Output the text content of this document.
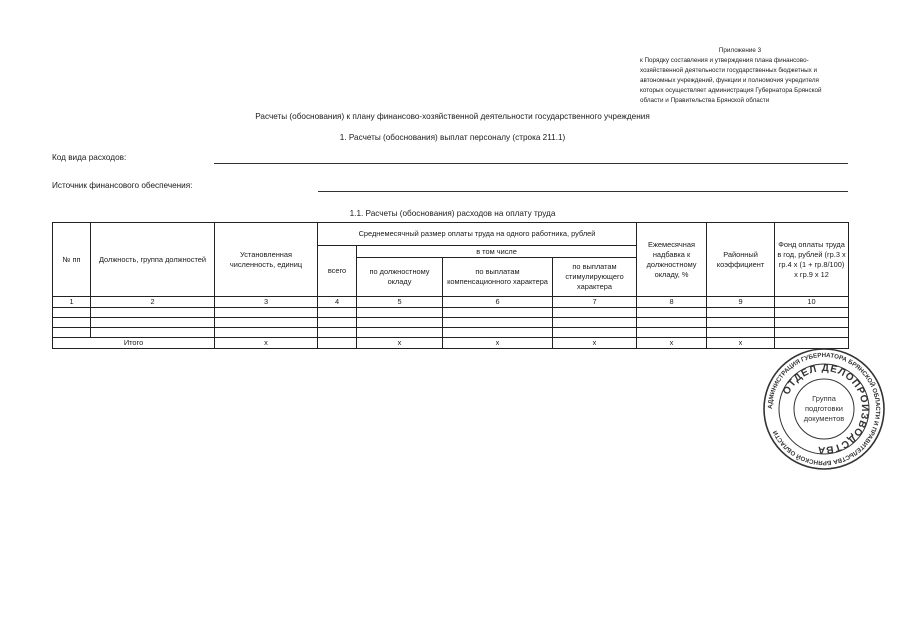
Приложение 3
к Порядку составления и утверждения плана финансово-
хозяйственной деятельности государственных бюджетных и
автономных учреждений, функции и полномочия учредителя
которых осуществляет администрация Губернатора Брянской
области и Правительства Брянской области
Расчеты (обоснования) к плану финансово-хозяйственной деятельности государственного учреждения
1. Расчеты (обоснования) выплат персоналу (строка 211.1)
Код вида расходов:
Источник финансового обеспечения:
1.1. Расчеты (обоснования) расходов на оплату труда
№ пп	Должность, группа должностей	Установленная численность, единиц	Среднемесячный размер оплаты труда на одного работника, рублей				Ежемесячная надбавка к должностному окладу, %	Районный коэффициент	Фонд оплаты труда в год, рублей (гр.3 х гр.4 х (1 + гр.8/100) х гр.9 х 12
			всего	в том числе					
				по должностному окладу	по выплатам компенсационного характера	по выплатам стимулирующего характера			
1	2	3	4	5	6	7	8	9	10

Итого		x		x	x	x	x	x	
АДМИНИСТРАЦИЯ ГУБЕРНАТОРА БРЯНСКОЙ ОБЛАСТИ И ПРАВИТЕЛЬСТВА БРЯНСКОЙ ОБЛАСТИ
ОТДЕЛ ДЕЛОПРОИЗВОДСТВА
Группа
подготовки
документов
